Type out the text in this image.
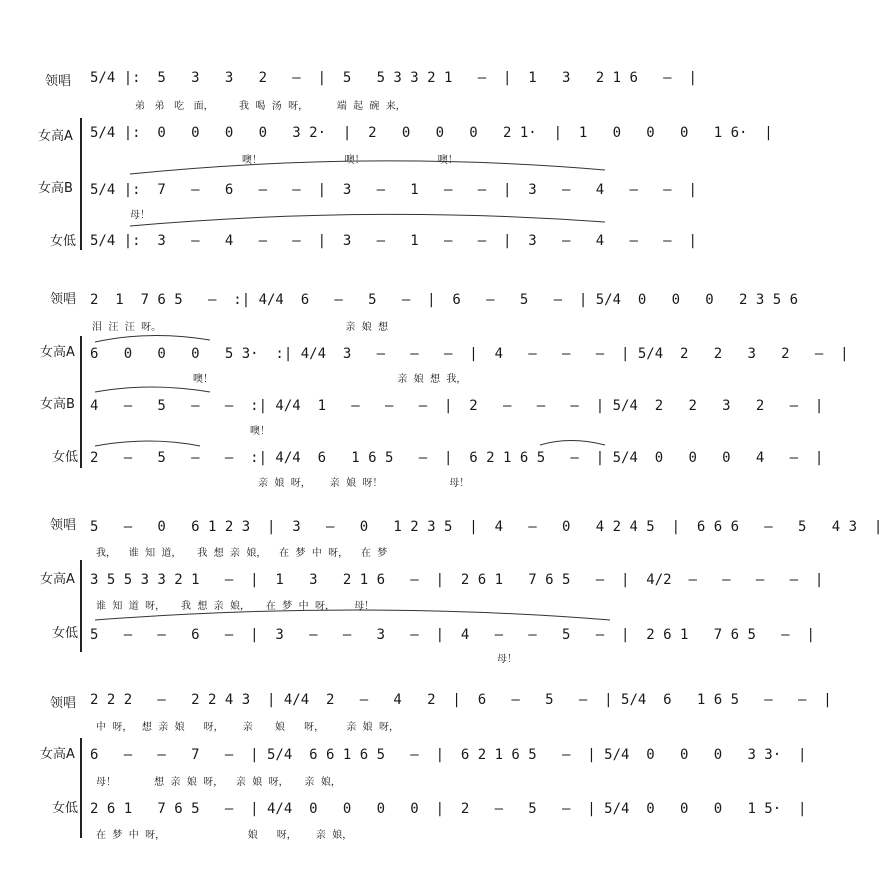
领唱 5/4 |:  5   3   3   2   –  |  5   5 3 3 2 1   –  |  1   3   2 1 6   –  |
弟   弟   吃   面，        我  喝  汤  呀，         端  起  碗  来，
女高A 5/4 |:  0   0   0   0   3 2·  |  2   0   0   0   2 1·  |  1   0   0   0   1 6·  |
噢！                          噢！                       噢！
女高B 5/4 |:  7   –   6   –   –  |  3   –   1   –   –  |  3   –   4   –   –  |
母！
女低 5/4 |:  3   –   4   –   –  |  3   –   1   –   –  |  3   –   4   –   –  |
领唱 2  1  7 6 5   –  :| 4/4  6   –   5   –  |  6   –   5   –  | 5/4  0   0   0   2 3 5 6
泪  汪  汪  呀。                                                          亲  娘  想
女高A 6   0   0   0   5 3·  :| 4/4  3   –   –   –  |  4   –   –   –  | 5/4  2   2   3   2   –  |
噢！                                                          亲  娘  想  我，
女高B 4   –   5   –   –  :| 4/4  1   –   –   –  |  2   –   –   –  | 5/4  2   2   3   2   –  |
噢！
女低 2   –   5   –   –  :| 4/4  6   1 6 5   –  |  6 2 1 6 5   –  | 5/4  0   0   0   4   –  |
亲  娘  呀，      亲  娘  呀！                     母！
领唱 5   –   0   6 1 2 3  |  3   –   0   1 2 3 5  |  4   –   0   4 2 4 5  |  6 6 6   –   5   4 3  |
我，    谁  知  道，     我  想  亲  娘，    在  梦  中  呀，    在  梦
女高A 3 5 5 3 3 2 1   –  |  1   3   2 1 6   –  |  2 6 1   7 6 5   –  |  4/2  –   –   –   –  |
谁  知  道  呀，     我  想  亲  娘，     在  梦  中  呀，      母！
女低 5   –   –   6   –  |  3   –   –   3   –  |  4   –   –   5   –  |  2 6 1   7 6 5   –  |
母！
领唱 2 2 2   –   2 2 4 3  | 4/4  2   –   4   2  |  6   –   5   –  | 5/4  6   1 6 5   –   –  |
中  呀，   想  亲  娘      呀，      亲       娘      呀，       亲  娘  呀，
女高A 6   –   –   7   –  | 5/4  6 6 1 6 5   –  |  6 2 1 6 5   –  | 5/4  0   0   0   3 3·  |
母！            想  亲  娘  呀，    亲  娘  呀，     亲  娘，
女低 2 6 1   7 6 5   –  | 4/4  0   0   0   0  |  2   –   5   –  | 5/4  0   0   0   1 5·  |
在  梦  中  呀，                          娘      呀，      亲  娘，
